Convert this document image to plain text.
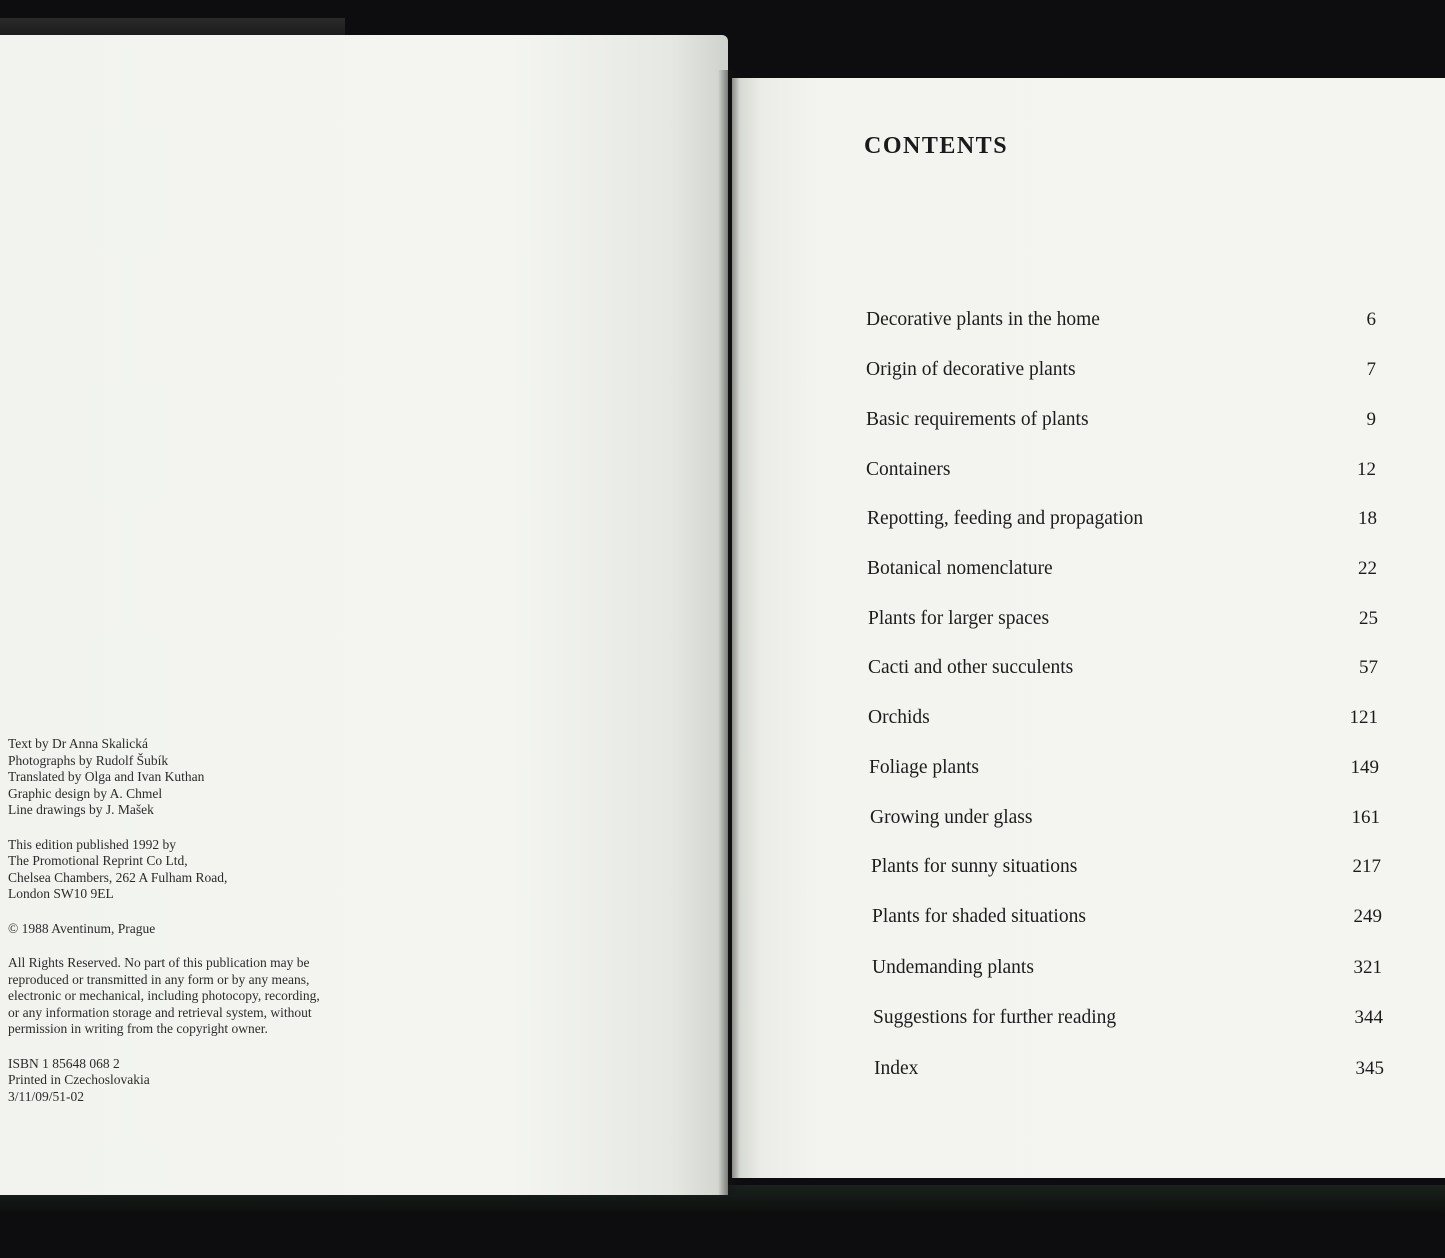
Text by Dr Anna Skalická
Photographs by Rudolf Šubík
Translated by Olga and Ivan Kuthan
Graphic design by A. Chmel
Line drawings by J. Mašek

This edition published 1992 by
The Promotional Reprint Co Ltd,
Chelsea Chambers, 262 A Fulham Road,
London SW10 9EL

© 1988 Aventinum, Prague

All Rights Reserved. No part of this publication may be
reproduced or transmitted in any form or by any means,
electronic or mechanical, including photocopy, recording,
or any information storage and retrieval system, without
permission in writing from the copyright owner.

ISBN 1 85648 068 2
Printed in Czechoslovakia
3/11/09/51-02

CONTENTS
Decorative plants in the home	6
Origin of decorative plants	7
Basic requirements of plants	9
Containers	12
Repotting, feeding and propagation	18
Botanical nomenclature	22
Plants for larger spaces	25
Cacti and other succulents	57
Orchids	121
Foliage plants	149
Growing under glass	161
Plants for sunny situations	217
Plants for shaded situations	249
Undemanding plants	321
Suggestions for further reading	344
Index	345
